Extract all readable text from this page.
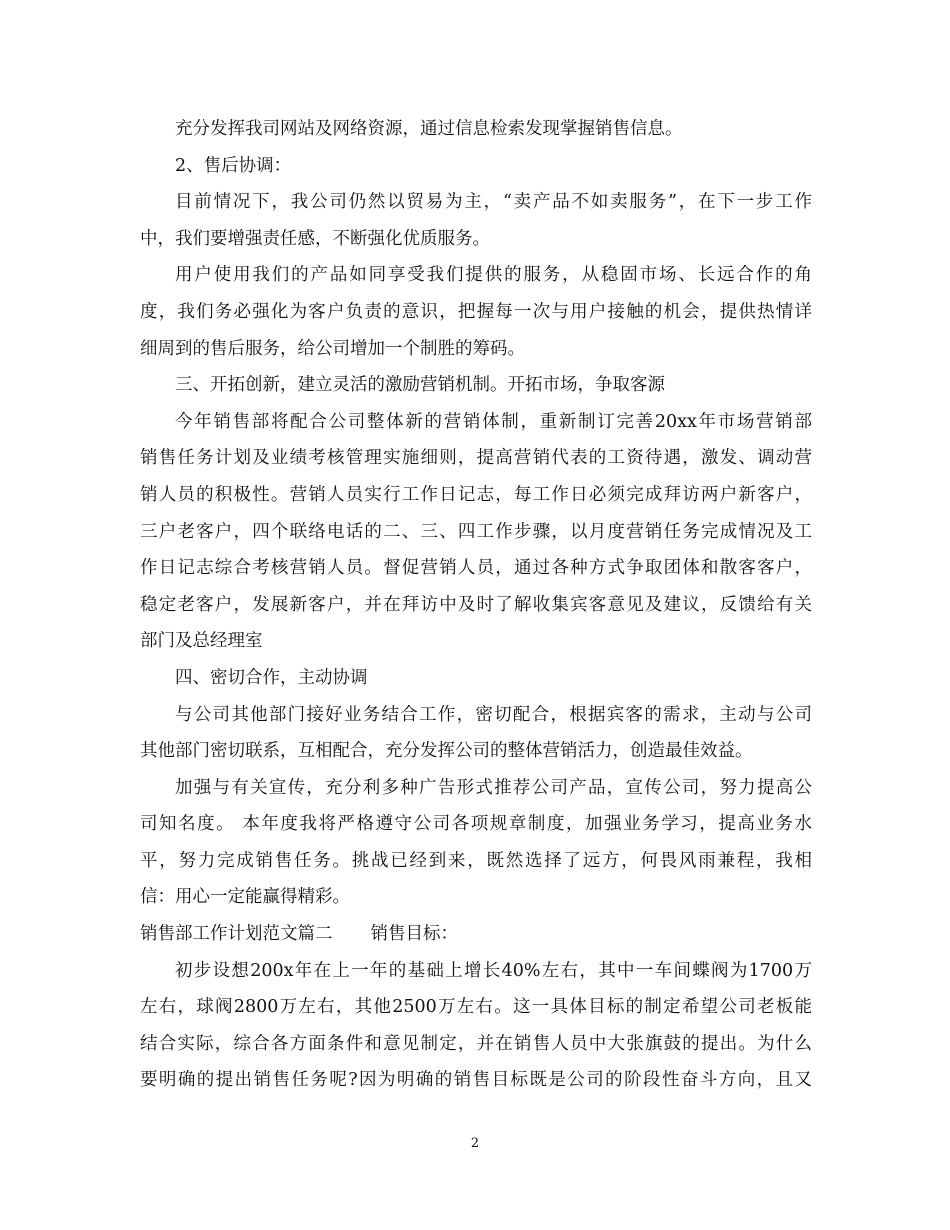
充分发挥我司网站及网络资源，通过信息检索发现掌握销售信息。
2、售后协调：
目前情况下，我公司仍然以贸易为主，“卖产品不如卖服务”，在下一步工作
中，我们要增强责任感，不断强化优质服务。
用户使用我们的产品如同享受我们提供的服务，从稳固市场、长远合作的角
度，我们务必强化为客户负责的意识，把握每一次与用户接触的机会，提供热情详
细周到的售后服务，给公司增加一个制胜的筹码。
三、开拓创新，建立灵活的激励营销机制。开拓市场，争取客源
今年销售部将配合公司整体新的营销体制，重新制订完善20xx年市场营销部
销售任务计划及业绩考核管理实施细则，提高营销代表的工资待遇，激发、调动营
销人员的积极性。营销人员实行工作日记志，每工作日必须完成拜访两户新客户，
三户老客户，四个联络电话的二、三、四工作步骤，以月度营销任务完成情况及工
作日记志综合考核营销人员。督促营销人员，通过各种方式争取团体和散客客户，
稳定老客户，发展新客户，并在拜访中及时了解收集宾客意见及建议，反馈给有关
部门及总经理室
四、密切合作，主动协调
与公司其他部门接好业务结合工作，密切配合，根据宾客的需求，主动与公司
其他部门密切联系，互相配合，充分发挥公司的整体营销活力，创造最佳效益。
加强与有关宣传，充分利多种广告形式推荐公司产品，宣传公司，努力提高公
司知名度。 本年度我将严格遵守公司各项规章制度，加强业务学习，提高业务水
平，努力完成销售任务。挑战已经到来，既然选择了远方，何畏风雨兼程，我相
信：用心一定能赢得精彩。
销售部工作计划范文篇二 销售目标：
初步设想200x年在上一年的基础上增长40%左右，其中一车间蝶阀为1700万
左右，球阀2800万左右，其他2500万左右。这一具体目标的制定希望公司老板能
结合实际，综合各方面条件和意见制定，并在销售人员中大张旗鼓的提出。为什么
要明确的提出销售任务呢?因为明确的销售目标既是公司的阶段性奋斗方向，且又
2
